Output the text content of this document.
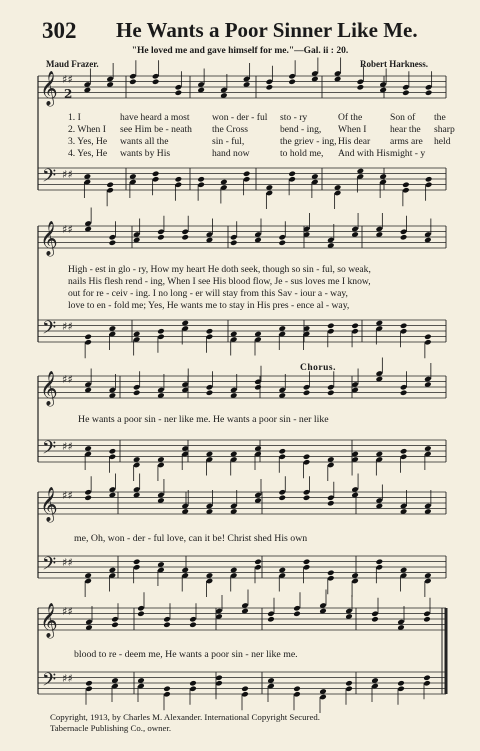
302 He Wants a Poor Sinner Like Me.
"He loved me and gave himself for me."—Gal. ii : 20.
Maud Frazer.	Robert Harkness.
𝄞
𝄢
♯♯
♯♯
𝄞
𝄢
♯♯
♯♯
𝄞
𝄢
♯♯
♯♯
𝄞
𝄢
♯♯
♯♯
𝄞
𝄢
♯♯
♯♯
2
1. I	have heard a most won - der - ful sto - ry	Of the	Son of the
2. When I see Him be - neath the Cross	bend - ing, When I hear the sharp
3. Yes, He wants all the	sin - ful,	the griev - ing, His dear arms are held
4. Yes, He wants by His	hand now	to hold me, And with Hismight - y
High - est in glo - ry, How my heart He doth seek, though so sin - ful, so weak,
nails His flesh rend - ing, When I see His blood flow, Je - sus loves me I know,
out for re - ceiv - ing. I no long - er will stay from this Sav - iour a - way,
love to en - fold me; Yes, He wants me to stay in His pres - ence al - way,
Chorus.
He wants a poor sin - ner like me. He wants a poor sin - ner like
me, Oh, won - der - ful love, can it be! Christ shed His own
blood to re - deem me, He wants a poor sin - ner like me.
Copyright, 1913, by Charles M. Alexander. International Copyright Secured.
Tabernacle Publishing Co., owner.
